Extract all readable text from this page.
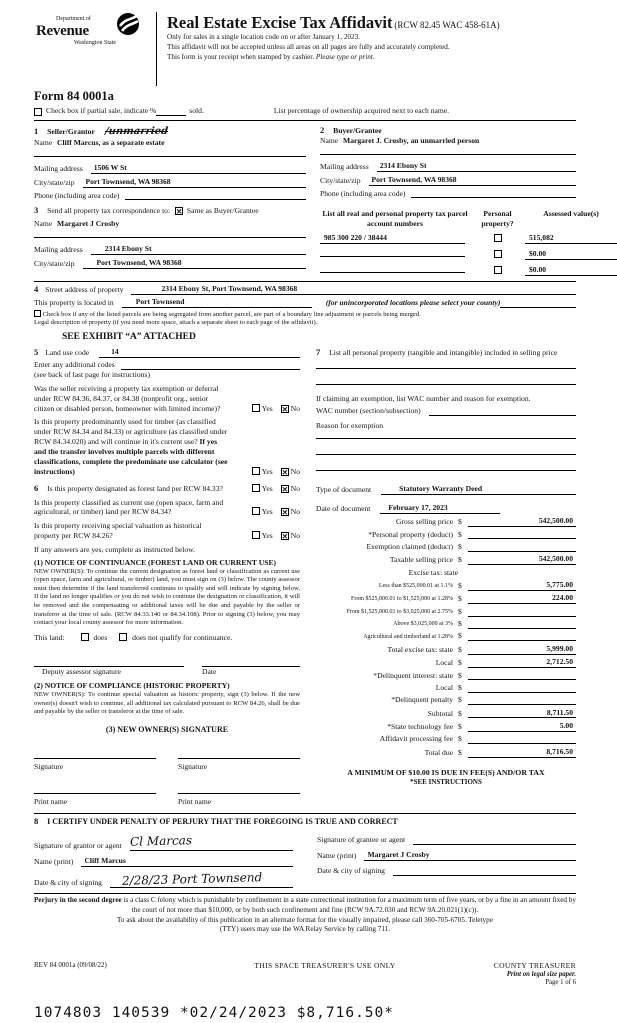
Department of
Revenue
Washington State
Real Estate Excise Tax Affidavit (RCW 82.45 WAC 458-61A)
Only for sales in a single location code on or after January 1, 2023.
This affidavit will not be accepted unless all areas on all pages are fully and accurately completed.
This form is your receipt when stamped by cashier. Please type or print.
Form 84 0001a
Check box if partial sale, indicate %	sold.	List percentage of ownership acquired next to each name.
1 Seller/Grantor /unmarried
Name Cliff Marcus, as a separate estate
Mailing address	1506 W St
City/state/zip	Port Townsend, WA 98368
Phone (including area code)
2 Buyer/Grantee
Name Margaret J. Crosby, an unmarried person
Mailing address	2314 Ebony St
City/state/zip	Port Townsend, WA 98368
Phone (including area code)
3 Send all property tax correspondence to: ✕ Same as Buyer/Grantee
Name Margaret J Crosby
Mailing address	2314 Ebony St
City/state/zip	Port Townsend, WA 98368
List all real and personal property tax parcel account numbers
Personal property?
Assessed value(s)
985 300 220 / 38444	515,082
$0.00
$0.00
4 Street address of property	2314 Ebony St, Port Townsend, WA 98368
This property is located in	Port Townsend	(for unincorporated locations please select your county)
Check box if any of the listed parcels are being segregated from another parcel, are part of a boundary line adjustment or parcels being merged.
Legal description of property (if you need more space, attach a separate sheet to each page of the affidavit).
SEE EXHIBIT “A” ATTACHED
5 Land use code	14
Enter any additional codes
(see back of last page for instructions)
Was the seller receiving a property tax exemption or deferral under RCW 84.36, 84.37, or 84.38 (nonprofit org., senior citizen or disabled person, homeowner with limited income)?	Yes ✕ No
Is this property predominantly used for timber (as classified under RCW 84.34 and 84.33) or agriculture (as classified under RCW 84.34.020) and will continue in it's current use? If yes and the transfer involves multiple parcels with different classifications, complete the predominate use calculator (see instructions)	Yes ✕ No
6 Is this property designated as forest land per RCW 84.33?	Yes ✕ No
Is this property classified as current use (open space, farm and agricultural, or timber) land per RCW 84.34?	Yes ✕ No
Is this property receiving special valuation as historical property per RCW 84.26?	Yes ✕ No
If any answers are yes, complete as instructed below.
(1) NOTICE OF CONTINUANCE (FOREST LAND OR CURRENT USE)
NEW OWNER(S): To continue the current designation as forest land or classification as current use (open space, farm and agricultural, or timber) land, you must sign on (3) below. The county assessor must then determine if the land transferred continues to qualify and will indicate by signing below. If the land no longer qualifies or you do not wish to continue the designation or classification, it will be removed and the compensating or additional taxes will be due and payable by the seller or transferor at the time of sale. (RCW 84.33.140 or 84.34.108). Prior to signing (3) below, you may contact your local county assessor for more information.
This land:	does	does not qualify for continuance.
Deputy assessor signature	Date
(2) NOTICE OF COMPLIANCE (HISTORIC PROPERTY)
NEW OWNER(S): To continue special valuation as historic property, sign (3) below. If the new owner(s) doesn't wish to continue, all additional tax calculated pursuant to RCW 84.26, shall be due and payable by the seller or transferor at the time of sale.
(3) NEW OWNER(S) SIGNATURE
Signature	Signature
Print name	Print name
7 List all personal property (tangible and intangible) included in selling price

If claiming an exemption, list WAC number and reason for exemption.
WAC number (section/subsection)
Reason for exemption

Type of document	Statutory Warranty Deed
Date of document	February 17, 2023
Gross selling price $	542,500.00
*Personal property (deduct) $
Exemption claimed (deduct) $
Taxable selling price $	542,500.00
Excise tax: state
Less than $525,000.01 at 1.1% $	5,775.00
From $525,000.01 to $1,525,000 at 1.28% $	224.00
From $1,525,000.01 to $3,025,000 at 2.75% $
Above $3,025,000 at 3% $
Agricultural and timberland at 1.28% $
Total excise tax: state $	5,999.00
Local $	2,712.50
*Delinquent interest: state $
Local $
*Delinquent penalty $
Subtotal $	8,711.50
*State technology fee $	5.00
Affidavit processing fee $
Total due $	8,716.50
A MINIMUM OF $10.00 IS DUE IN FEE(S) AND/OR TAX
*SEE INSTRUCTIONS
8 I CERTIFY UNDER PENALTY OF PERJURY THAT THE FOREGOING IS TRUE AND CORRECT
Signature of grantor or agent Cl Marcas
Name (print)	Cliff Marcus
Date & city of signing	2/28/23 Port Townsend
Signature of grantee or agent
Name (print)	Margaret J Crosby
Date & city of signing
Perjury in the second degree is a class C felony which is punishable by confinement in a state correctional institution for a maximum term of five years, or by a fine in an amount fixed by the court of not more than $10,000, or by both such confinement and fine (RCW 9A.72.030 and RCW 9A.20.021(1)(c)).
To ask about the availability of this publication in an alternate format for the visually impaired, please call 360-705-6705. Teletype
(TTY) users may use the WA Relay Service by calling 711.
REV 84 0001a (09/08/22)	THIS SPACE TREASURER'S USE ONLY	COUNTY TREASURER
Print on legal size paper.
Page 1 of 6
1074803 140539 *02/24/2023 $8,716.50*
